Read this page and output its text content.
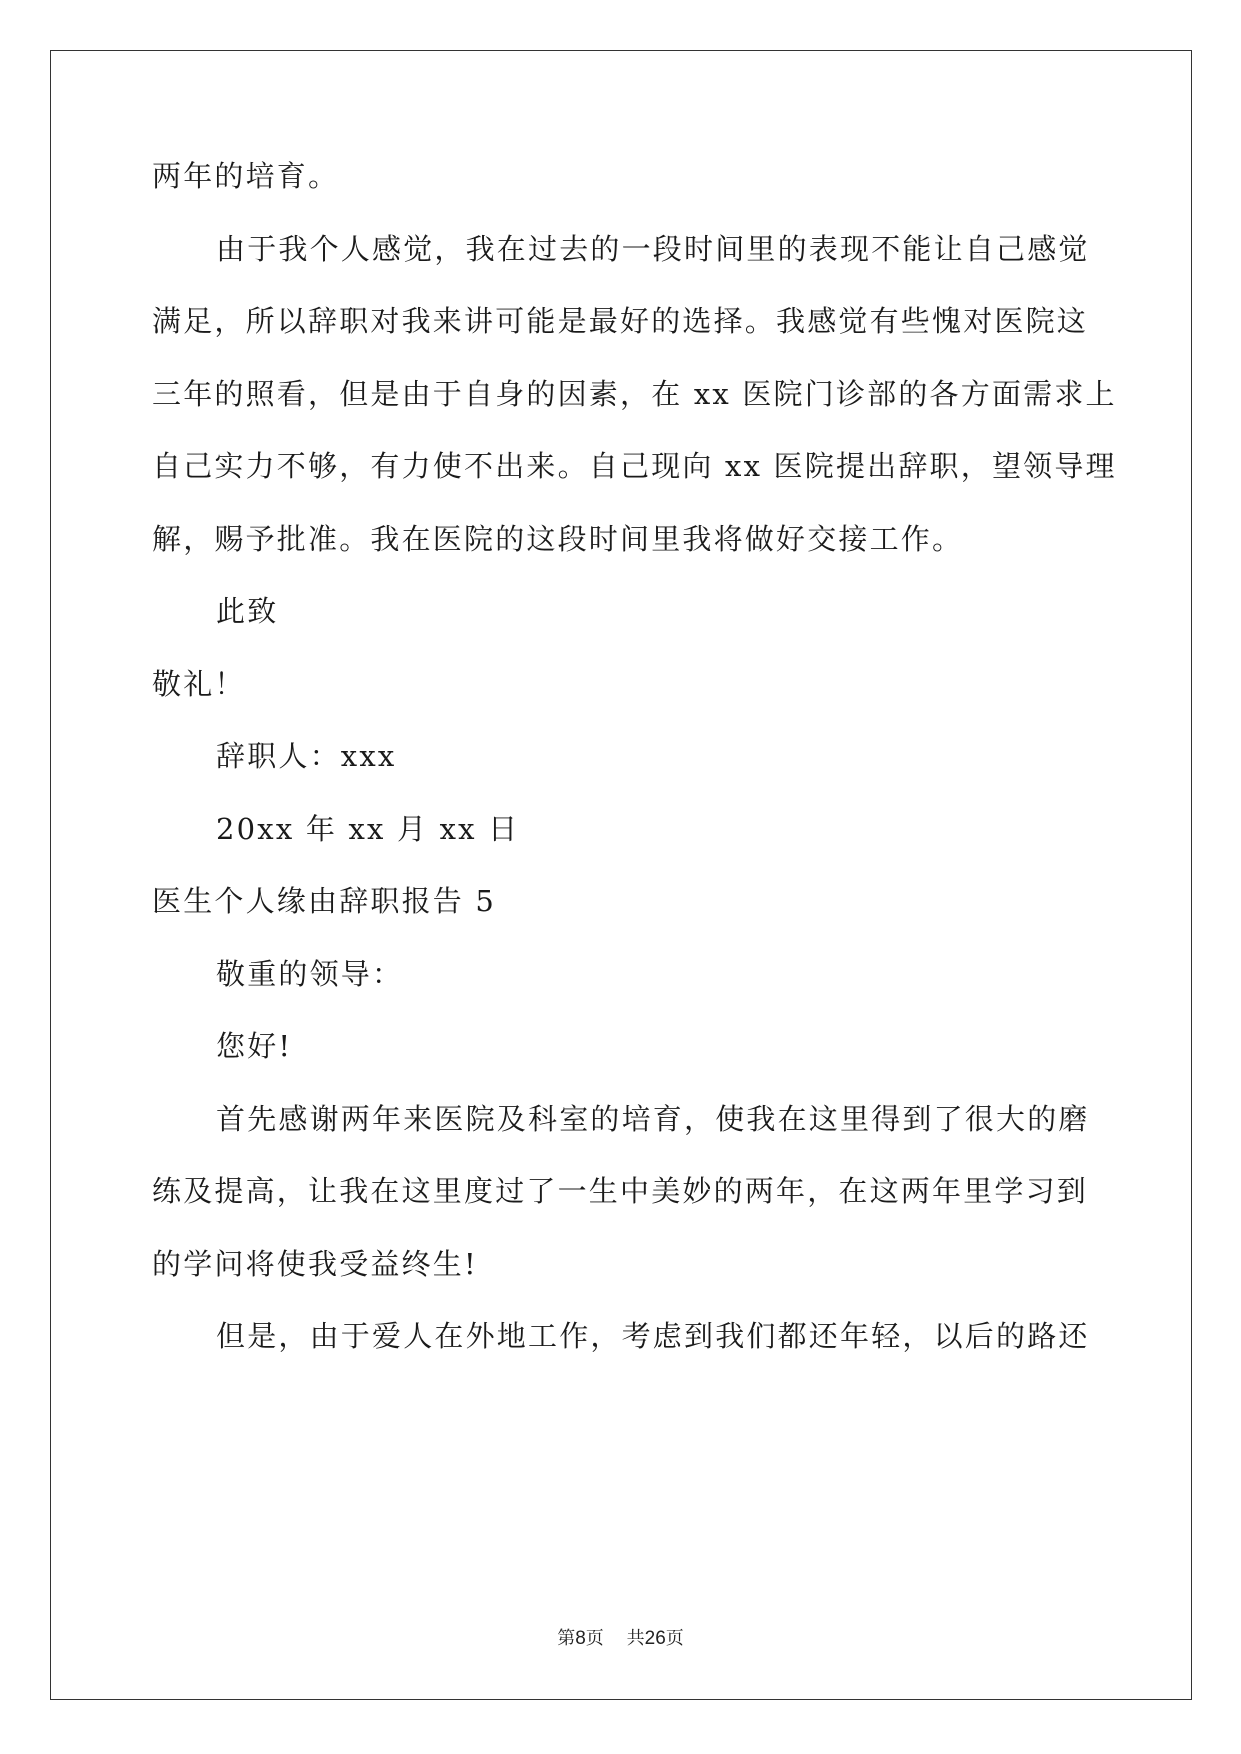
两年的培育。
由于我个人感觉，我在过去的一段时间里的表现不能让自己感觉
满足，所以辞职对我来讲可能是最好的选择。我感觉有些愧对医院这
三年的照看，但是由于自身的因素，在 xx 医院门诊部的各方面需求上
自己实力不够，有力使不出来。自己现向 xx 医院提出辞职，望领导理
解，赐予批准。我在医院的这段时间里我将做好交接工作。
此致
敬礼！
辞职人：xxx
20xx 年 xx 月 xx 日
医生个人缘由辞职报告 5
敬重的领导：
您好!
首先感谢两年来医院及科室的培育，使我在这里得到了很大的磨
练及提高，让我在这里度过了一生中美妙的两年，在这两年里学习到
的学问将使我受益终生!
但是，由于爱人在外地工作，考虑到我们都还年轻，以后的路还
第8页 共26页
